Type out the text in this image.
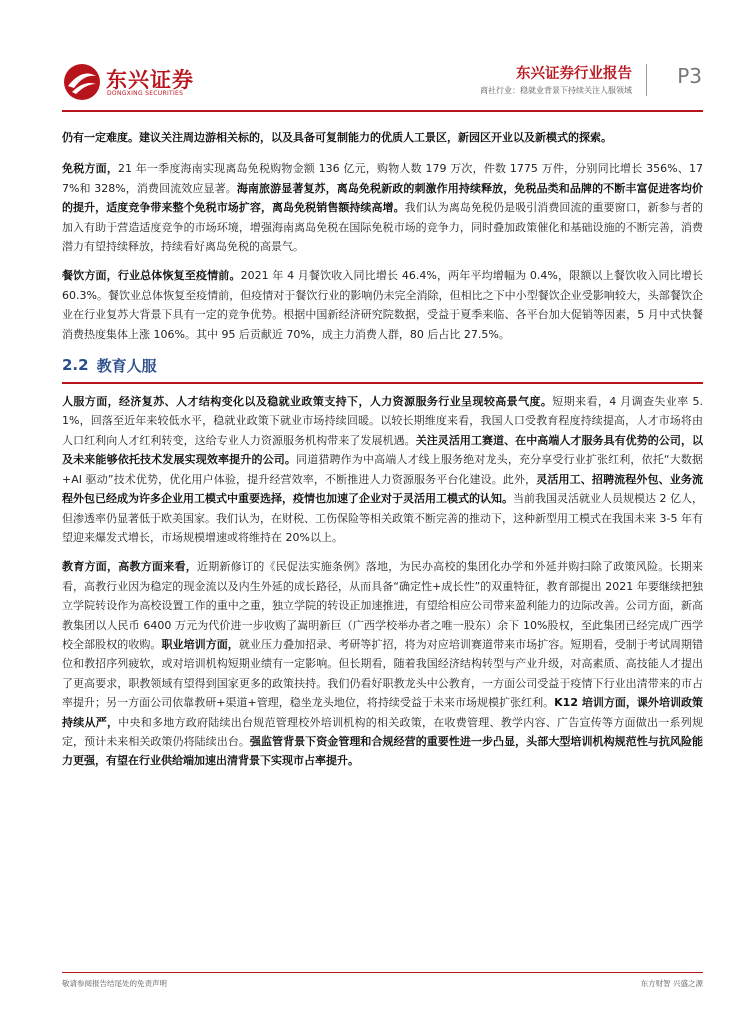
东兴证券
DONGXING SECURITIES
东兴证券行业报告
商社行业：稳就业背景下持续关注人服领域
P3

仍有一定难度。建议关注周边游相关标的，以及具备可复制能力的优质人工景区，新园区开业以及新模式的探索。

免税方面，21 年一季度海南实现离岛免税购物金额 136 亿元，购物人数 179 万次，件数 1775 万件，分别同比增长 356%、177%和 328%，消费回流效应显著。海南旅游显著复苏，离岛免税新政的刺激作用持续释放，免税品类和品牌的不断丰富促进客均价的提升，适度竞争带来整个免税市场扩容，离岛免税销售额持续高增。我们认为离岛免税仍是吸引消费回流的重要窗口，新参与者的加入有助于营造适度竞争的市场环境，增强海南离岛免税在国际免税市场的竞争力，同时叠加政策催化和基础设施的不断完善，消费潜力有望持续释放，持续看好离岛免税的高景气。

餐饮方面，行业总体恢复至疫情前。2021 年 4 月餐饮收入同比增长 46.4%，两年平均增幅为 0.4%，限额以上餐饮收入同比增长 60.3%。餐饮业总体恢复至疫情前，但疫情对于餐饮行业的影响仍未完全消除，但相比之下中小型餐饮企业受影响较大，头部餐饮企业在行业复苏大背景下具有一定的竞争优势。根据中国新经济研究院数据，受益于夏季来临、各平台加大促销等因素，5 月中式快餐消费热度集体上涨 106%。其中 95 后贡献近 70%，成主力消费人群，80 后占比 27.5%。

2.2 教育人服

人服方面，经济复苏、人才结构变化以及稳就业政策支持下，人力资源服务行业呈现较高景气度。短期来看，4 月调查失业率 5.1%，回落至近年来较低水平，稳就业政策下就业市场持续回暖。以较长期维度来看，我国人口受教育程度持续提高，人才市场将由人口红利向人才红利转变，这给专业人力资源服务机构带来了发展机遇。关注灵活用工赛道、在中高端人才服务具有优势的公司，以及未来能够依托技术发展实现效率提升的公司。同道猎聘作为中高端人才线上服务绝对龙头，充分享受行业扩张红利，依托“大数据+AI 驱动”技术优势，优化用户体验，提升经营效率，不断推进人力资源服务平台化建设。此外，灵活用工、招聘流程外包、业务流程外包已经成为许多企业用工模式中重要选择，疫情也加速了企业对于灵活用工模式的认知。当前我国灵活就业人员规模达 2 亿人，但渗透率仍显著低于欧美国家。我们认为，在财税、工伤保险等相关政策不断完善的推动下，这种新型用工模式在我国未来 3-5 年有望迎来爆发式增长，市场规模增速或将维持在 20%以上。

教育方面，高教方面来看，近期新修订的《民促法实施条例》落地，为民办高校的集团化办学和外延并购扫除了政策风险。长期来看，高教行业因为稳定的现金流以及内生外延的成长路径，从而具备“确定性+成长性”的双重特征，教育部提出 2021 年要继续把独立学院转设作为高校设置工作的重中之重，独立学院的转设正加速推进，有望给相应公司带来盈利能力的边际改善。公司方面，新高教集团以人民币 6400 万元为代价进一步收购了嵩明新巨（广西学校举办者之唯一股东）余下 10%股权，至此集团已经完成广西学校全部股权的收购。职业培训方面，就业压力叠加招录、考研等扩招，将为对应培训赛道带来市场扩容。短期看，受制于考试周期错位和教招序列疲软，或对培训机构短期业绩有一定影响。但长期看，随着我国经济结构转型与产业升级，对高素质、高技能人才提出了更高要求，职教领域有望得到国家更多的政策扶持。我们仍看好职教龙头中公教育，一方面公司受益于疫情下行业出清带来的市占率提升；另一方面公司依靠教研+渠道+管理，稳坐龙头地位，将持续受益于未来市场规模扩张红利。K12 培训方面，课外培训政策持续从严，中央和多地方政府陆续出台规范管理校外培训机构的相关政策，在收费管理、教学内容、广告宣传等方面做出一系列规定，预计未来相关政策仍将陆续出台。强监管背景下资金管理和合规经营的重要性进一步凸显，头部大型培训机构规范性与抗风险能力更强，有望在行业供给端加速出清背景下实现市占率提升。

敬请参阅报告结尾处的免责声明	东方财智 兴盛之源
